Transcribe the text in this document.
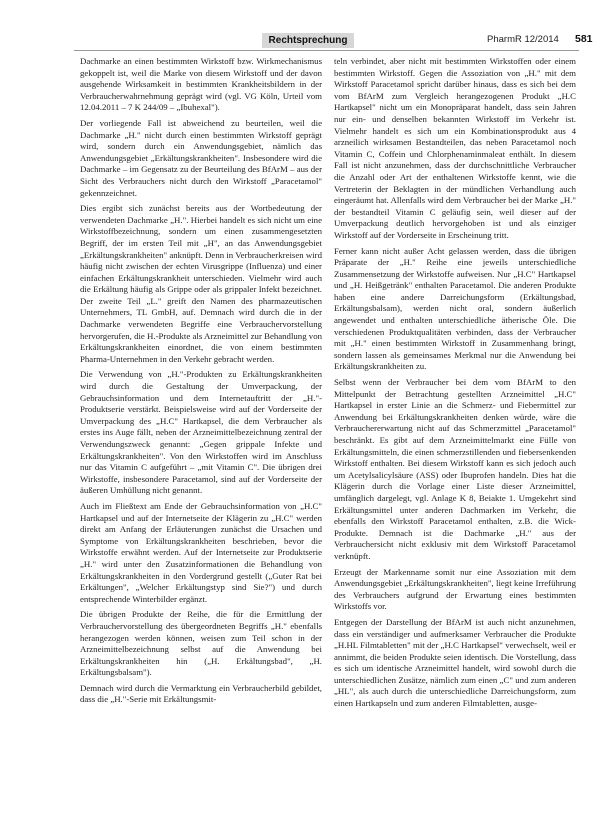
Rechtsprechung	PharmR 12/2014 581

Dachmarke an einen bestimmten Wirkstoff bzw. Wirkmechanismus gekoppelt ist, weil die Marke von diesem Wirkstoff und der davon ausgehende Wirksamkeit in bestimmten Krankheitsbildern in der Verbraucherwahrnehmung geprägt wird (vgl. VG Köln, Urteil vom 12.04.2011 – 7 K 244/09 – „Ibuhexal").

Der vorliegende Fall ist abweichend zu beurteilen, weil die Dachmarke „H." nicht durch einen bestimmten Wirkstoff geprägt wird, sondern durch ein Anwendungsgebiet, nämlich das Anwendungsgebiet „Erkältungskrankheiten". Insbesondere wird die Dachmarke – im Gegensatz zu der Beurteilung des BfArM – aus der Sicht des Verbrauchers nicht durch den Wirkstoff „Paracetamol" gekennzeichnet.

Dies ergibt sich zunächst bereits aus der Wortbedeutung der verwendeten Dachmarke „H.". Hierbei handelt es sich nicht um eine Wirkstoffbezeichnung, sondern um einen zusammengesetzten Begriff, der im ersten Teil mit „H", an das Anwendungsgebiet „Erkältungskrankheiten" anknüpft. Denn in Verbraucherkreisen wird häufig nicht zwischen der echten Virusgrippe (Influenza) und einer einfachen Erkältungskrankheit unterschieden. Vielmehr wird auch die Erkältung häufig als Grippe oder als grippaler Infekt bezeichnet. Der zweite Teil „L." greift den Namen des pharmazeutischen Unternehmers, TL GmbH, auf. Demnach wird durch die in der Dachmarke verwendeten Begriffe eine Verbrauchervorstellung hervorgerufen, die H.-Produkte als Arzneimittel zur Behandlung von Erkältungskrankheiten einordnet, die von einem bestimmten Pharma-Unternehmen in den Verkehr gebracht werden.

Die Verwendung von „H."-Produkten zu Erkältungskrankheiten wird durch die Gestaltung der Umverpackung, der Gebrauchsinformation und dem Internetauftritt der „H."-Produktserie verstärkt. Beispielsweise wird auf der Vorderseite der Umverpackung des „H.C" Hartkapsel, die dem Verbraucher als erstes ins Auge fällt, neben der Arzneimittelbezeichnung zentral der Verwendungszweck genannt: „Gegen grippale Infekte und Erkältungskrankheiten". Von den Wirkstoffen wird im Anschluss nur das Vitamin C aufgeführt – „mit Vitamin C". Die übrigen drei Wirkstoffe, insbesondere Paracetamol, sind auf der Vorderseite der äußeren Umhüllung nicht genannt.

Auch im Fließtext am Ende der Gebrauchsinformation von „H.C" Hartkapsel und auf der Internetseite der Klägerin zu „H.C" werden direkt am Anfang der Erläuterungen zunächst die Ursachen und Symptome von Erkältungskrankheiten beschrieben, bevor die Wirkstoffe erwähnt werden. Auf der Internetseite zur Produktserie „H." wird unter den Zusatzinformationen die Behandlung von Erkältungskrankheiten in den Vordergrund gestellt („Guter Rat bei Erkältungen", „Welcher Erkältungstyp sind Sie?") und durch entsprechende Winterbilder ergänzt.

Die übrigen Produkte der Reihe, die für die Ermittlung der Verbrauchervorstellung des übergeordneten Begriffs „H." ebenfalls herangezogen werden können, weisen zum Teil schon in der Arzneimittelbezeichnung selbst auf die Anwendung bei Erkältungskrankheiten hin („H. Erkältungsbad", „H. Erkältungsbalsam").

Demnach wird durch die Vermarktung ein Verbraucherbild gebildet, dass die „H."-Serie mit Erkältungsmit-

teln verbindet, aber nicht mit bestimmten Wirkstoffen oder einem bestimmten Wirkstoff. Gegen die Assoziation von „H." mit dem Wirkstoff Paracetamol spricht darüber hinaus, dass es sich bei dem vom BfArM zum Vergleich herangezogenen Produkt „H.C Hartkapsel" nicht um ein Monopräparat handelt, dass sein Jahren nur ein- und denselben bekannten Wirkstoff im Verkehr ist. Vielmehr handelt es sich um ein Kombinationsprodukt aus 4 arzneilich wirksamen Bestandteilen, das neben Paracetamol noch Vitamin C, Coffein und Chlorphenaminmaleat enthält. In diesem Fall ist nicht anzunehmen, dass der durchschnittliche Verbraucher die Anzahl oder Art der enthaltenen Wirkstoffe kennt, wie die Vertreterin der Beklagten in der mündlichen Verhandlung auch eingeräumt hat. Allenfalls wird dem Verbraucher bei der Marke „H." der bestandteil Vitamin C geläufig sein, weil dieser auf der Umverpackung deutlich hervorgehoben ist und als einziger Wirkstoff auf der Vorderseite in Erscheinung tritt.

Ferner kann nicht außer Acht gelassen werden, dass die übrigen Präparate der „H." Reihe eine jeweils unterschiedliche Zusammensetzung der Wirkstoffe aufweisen. Nur „H.C" Hartkapsel und „H. Heißgetränk" enthalten Paracetamol. Die anderen Produkte haben eine andere Darreichungsform (Erkältungsbad, Erkältungsbalsam), werden nicht oral, sondern äußerlich angewendet und enthalten unterschiedliche ätherische Öle. Die verschiedenen Produktqualitäten verbinden, dass der Verbraucher mit „H." einen bestimmten Wirkstoff in Zusammenhang bringt, sondern lassen als gemeinsames Merkmal nur die Anwendung bei Erkältungskrankheiten zu.

Selbst wenn der Verbraucher bei dem vom BfArM to den Mittelpunkt der Betrachtung gestellten Arzneimittel „H.C" Hartkapsel in erster Linie an die Schmerz- und Fiebermittel zur Anwendung bei Erkältungskrankheiten denken würde, wäre die Verbrauchererwartung nicht auf das Schmerzmittel „Paracetamol" beschränkt. Es gibt auf dem Arzneimittelmarkt eine Fülle von Erkältungsmitteln, die einen schmerzstillenden und fiebersenkenden Wirkstoff enthalten. Bei diesem Wirkstoff kann es sich jedoch auch um Acetylsalicylsäure (ASS) oder Ibuprofen handeln. Dies hat die Klägerin durch die Vorlage einer Liste dieser Arzneimittel, umfänglich dargelegt, vgl. Anlage K 8, Beiakte 1. Umgekehrt sind Erkältungsmittel unter anderen Dachmarken im Verkehr, die ebenfalls den Wirkstoff Paracetamol enthalten, z.B. die Wick-Produkte. Demnach ist die Dachmarke „H." aus der Verbrauchersicht nicht exklusiv mit dem Wirkstoff Paracetamol verknüpft.

Erzeugt der Markenname somit nur eine Assoziation mit dem Anwendungsgebiet „Erkältungskrankheiten", liegt keine Irreführung des Verbrauchers aufgrund der Erwartung eines bestimmten Wirkstoffs vor.

Entgegen der Darstellung der BfArM ist auch nicht anzunehmen, dass ein verständiger und aufmerksamer Verbraucher die Produkte „H.HL Filmtabletten" mit der „H.C Hartkapsel" verwechselt, weil er annimmt, die beiden Produkte seien identisch. Die Vorstellung, dass es sich um identische Arzneimittel handelt, wird sowohl durch die unterschiedlichen Zusätze, nämlich zum einen „C" und zum anderen „HL", als auch durch die unterschiedliche Darreichungsform, zum einen Hartkapseln und zum anderen Filmtabletten, ausge-
